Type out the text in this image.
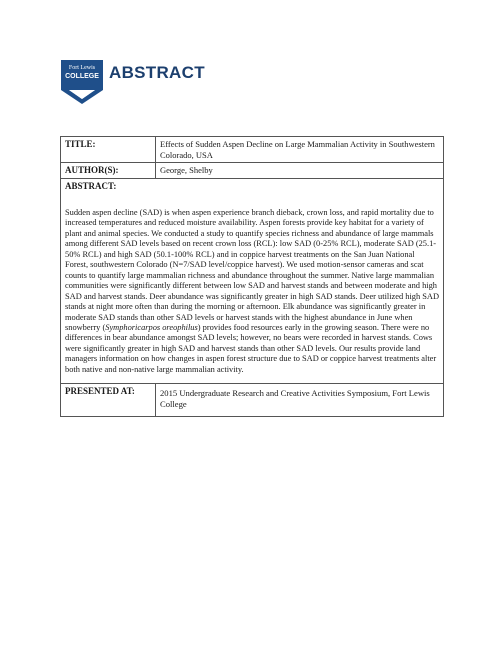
Fort Lewis
COLLEGE ABSTRACT
TITLE:	Effects of Sudden Aspen Decline on Large Mammalian Activity in Southwestern Colorado, USA
AUTHOR(S):	George, Shelby
ABSTRACT:
Sudden aspen decline (SAD) is when aspen experience branch dieback, crown loss, and rapid mortality due to increased temperatures and reduced moisture availability. Aspen forests provide key habitat for a variety of plant and animal species. We conducted a study to quantify species richness and abundance of large mammals among different SAD levels based on recent crown loss (RCL): low SAD (0-25% RCL), moderate SAD (25.1-50% RCL) and high SAD (50.1-100% RCL) and in coppice harvest treatments on the San Juan National Forest, southwestern Colorado (N=7/SAD level/coppice harvest). We used motion-sensor cameras and scat counts to quantify large mammalian richness and abundance throughout the summer. Native large mammalian communities were significantly different between low SAD and harvest stands and between moderate and high SAD and harvest stands. Deer abundance was significantly greater in high SAD stands. Deer utilized high SAD stands at night more often than during the morning or afternoon. Elk abundance was significantly greater in moderate SAD stands than other SAD levels or harvest stands with the highest abundance in June when snowberry (Symphoricarpos oreophilus) provides food resources early in the growing season. There were no differences in bear abundance amongst SAD levels; however, no bears were recorded in harvest stands. Cows were significantly greater in high SAD and harvest stands than other SAD levels. Our results provide land managers information on how changes in aspen forest structure due to SAD or coppice harvest treatments alter both native and non-native large mammalian activity.
PRESENTED AT:	2015 Undergraduate Research and Creative Activities Symposium, Fort Lewis College
